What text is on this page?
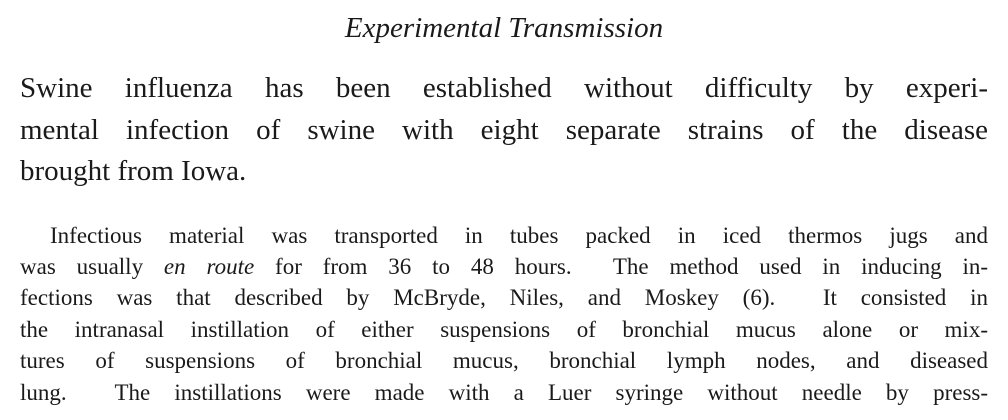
Experimental Transmission
Swine influenza has been established without difficulty by experi-
mental infection of swine with eight separate strains of the disease
brought from Iowa.
Infectious material was transported in tubes packed in iced thermos jugs and
was usually en route for from 36 to 48 hours.  The method used in inducing in-
fections was that described by McBryde, Niles, and Moskey (6).  It consisted in
the intranasal instillation of either suspensions of bronchial mucus alone or mix-
tures of suspensions of bronchial mucus, bronchial lymph nodes, and diseased
lung.  The instillations were made with a Luer syringe without needle by press-
